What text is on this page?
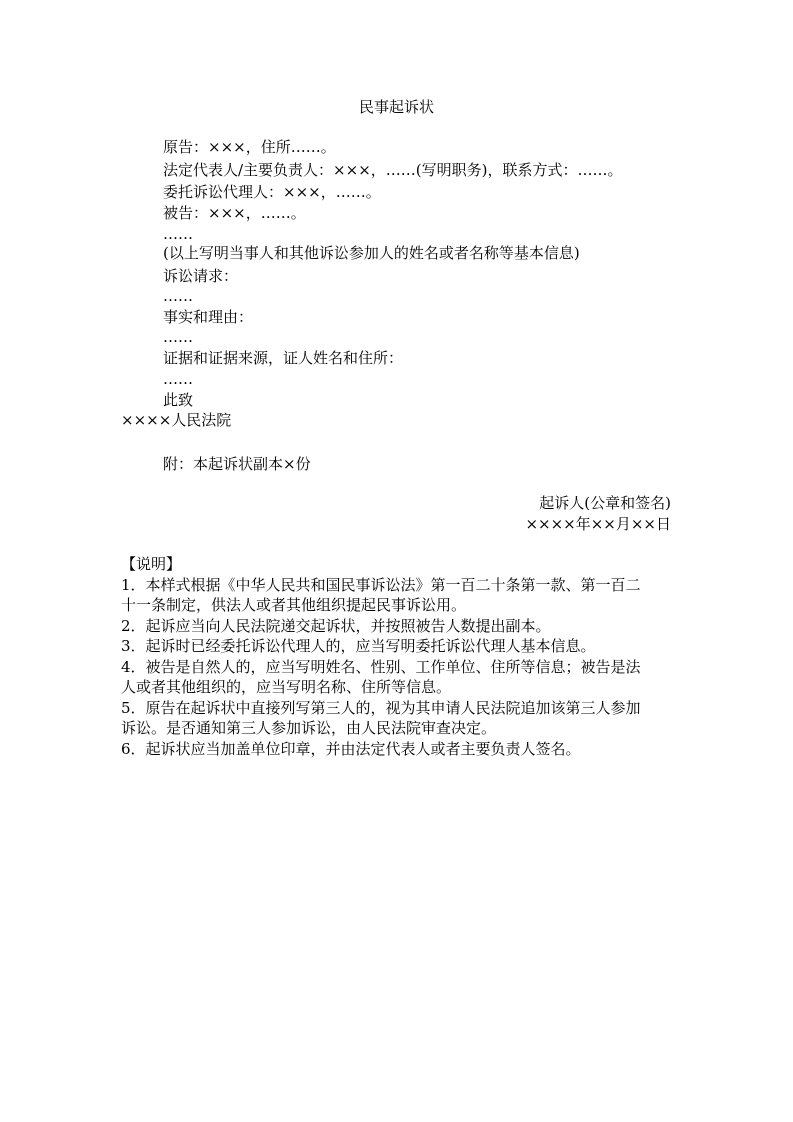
民事起诉状
原告：×××，住所……。
法定代表人/主要负责人：×××，……(写明职务)，联系方式：……。
委托诉讼代理人：×××，……。
被告：×××，……。
……
(以上写明当事人和其他诉讼参加人的姓名或者名称等基本信息)
诉讼请求：
……
事实和理由：
……
证据和证据来源，证人姓名和住所：
……
此致
××××人民法院
附：本起诉状副本×份
起诉人(公章和签名)
××××年××月××日
【说明】
1．本样式根据《中华人民共和国民事诉讼法》第一百二十条第一款、第一百二
十一条制定，供法人或者其他组织提起民事诉讼用。
2．起诉应当向人民法院递交起诉状，并按照被告人数提出副本。
3．起诉时已经委托诉讼代理人的，应当写明委托诉讼代理人基本信息。
4．被告是自然人的，应当写明姓名、性别、工作单位、住所等信息；被告是法
人或者其他组织的，应当写明名称、住所等信息。
5．原告在起诉状中直接列写第三人的，视为其申请人民法院追加该第三人参加
诉讼。是否通知第三人参加诉讼，由人民法院审查决定。
6．起诉状应当加盖单位印章，并由法定代表人或者主要负责人签名。
